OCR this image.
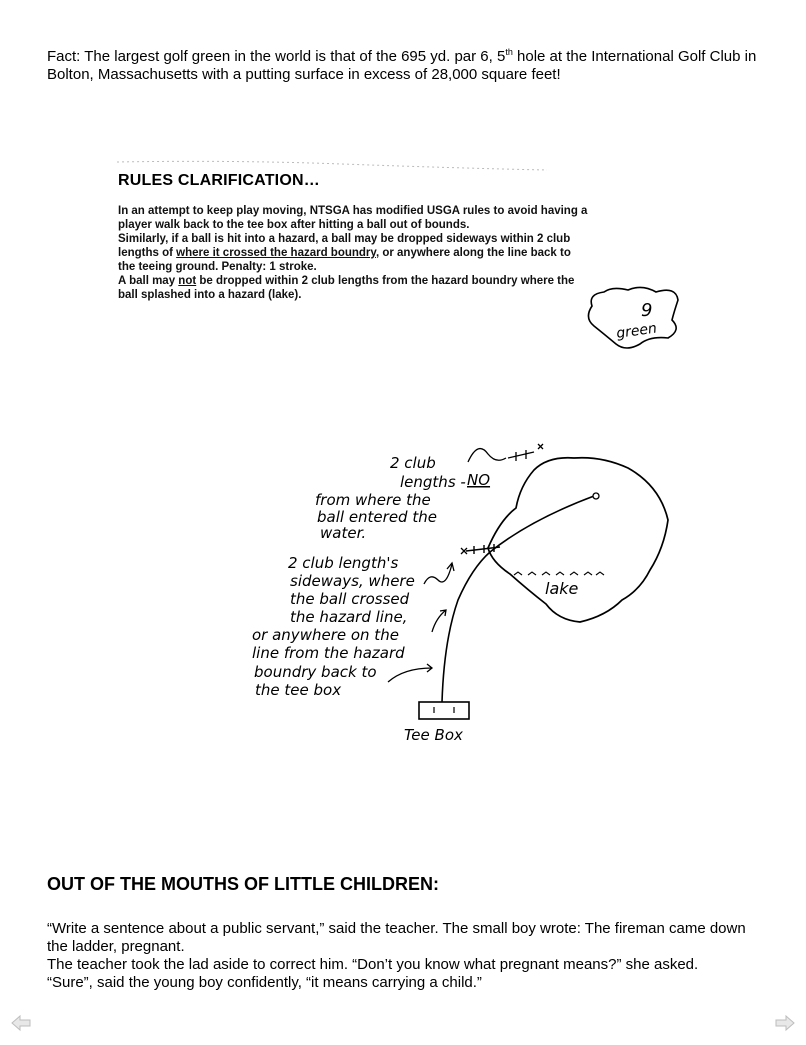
Fact: The largest golf green in the world is that of the 695 yd. par 6, 5th hole at the International Golf Club in Bolton, Massachusetts with a putting surface in excess of 28,000 square feet!
RULES CLARIFICATION…

In an attempt to keep play moving, NTSGA has modified USGA rules to avoid having a player walk back to the tee box after hitting a ball out of bounds.

Similarly, if a ball is hit into a hazard, a ball may be dropped sideways within 2 club lengths of where it crossed the hazard boundry, or anywhere along the line back to the teeing ground. Penalty: 1 stroke.

A ball may not be dropped within 2 club lengths from the hazard boundry where the ball splashed into a hazard (lake).

9
green
lake
Tee Box
2 club
lengths - NO
from where the
ball entered the
water.
2 club length's
sideways, where
the ball crossed
the hazard line,
or anywhere on the
line from the hazard
boundry back to
the tee box
OUT OF THE MOUTHS OF LITTLE CHILDREN:

“Write a sentence about a public servant,” said the teacher. The small boy wrote: The fireman came down the ladder, pregnant.

The teacher took the lad aside to correct him. “Don’t you know what pregnant means?” she asked.

“Sure”, said the young boy confidently, “it means carrying a child.”
